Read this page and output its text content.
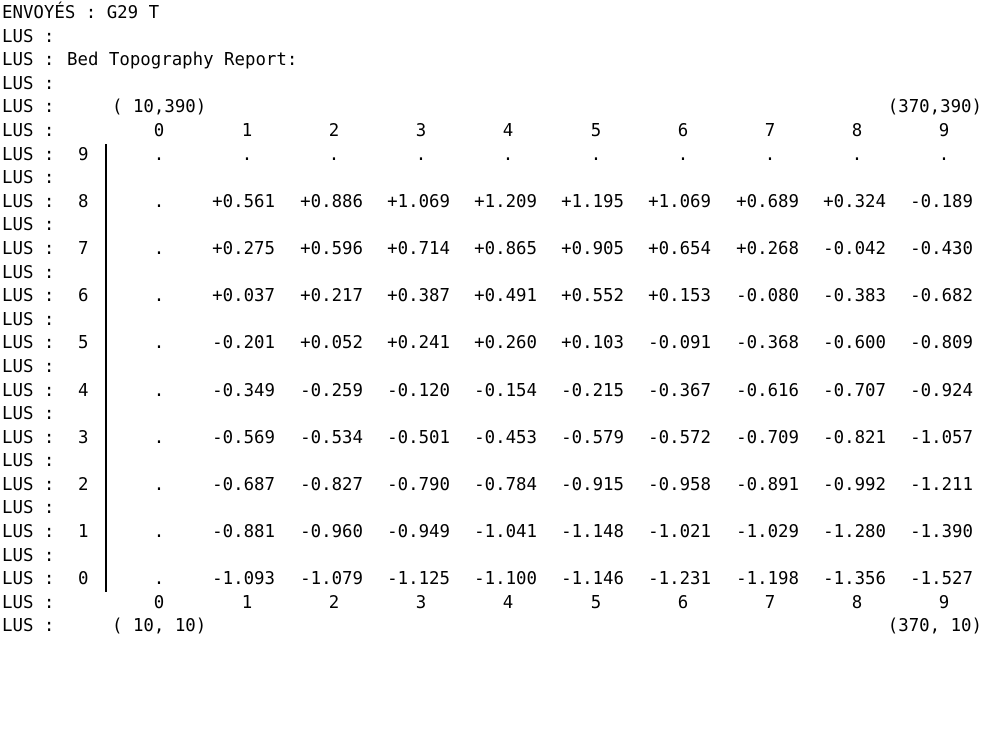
ENVOYÉS : G29 T

LUS :

LUS :

Bed Topography Report:

LUS :

LUS :

	( 10,390)

	(370,390)

LUS :

	0	1	2	3	4	5	6	7	8	9
LUS : 9	.	.	.	.	.	.	.	.	.	.
LUS :
LUS : 8	.	+0.561	+0.886	+1.069	+1.209	+1.195	+1.069	+0.689	+0.324	-0.189
LUS :
LUS : 7	.	+0.275	+0.596	+0.714	+0.865	+0.905	+0.654	+0.268	-0.042	-0.430
LUS :
LUS : 6	.	+0.037	+0.217	+0.387	+0.491	+0.552	+0.153	-0.080	-0.383	-0.682
LUS :
LUS : 5	.	-0.201	+0.052	+0.241	+0.260	+0.103	-0.091	-0.368	-0.600	-0.809
LUS :
LUS : 4	.	-0.349	-0.259	-0.120	-0.154	-0.215	-0.367	-0.616	-0.707	-0.924
LUS :
LUS : 3	.	-0.569	-0.534	-0.501	-0.453	-0.579	-0.572	-0.709	-0.821	-1.057
LUS :
LUS : 2	.	-0.687	-0.827	-0.790	-0.784	-0.915	-0.958	-0.891	-0.992	-1.211
LUS :
LUS : 1	.	-0.881	-0.960	-0.949	-1.041	-1.148	-1.021	-1.029	-1.280	-1.390
LUS :
LUS : 0	.	-1.093	-1.079	-1.125	-1.100	-1.146	-1.231	-1.198	-1.356	-1.527

LUS :

	0	1	2	3	4	5	6	7	8	9

LUS :

	( 10, 10)

	(370, 10)
